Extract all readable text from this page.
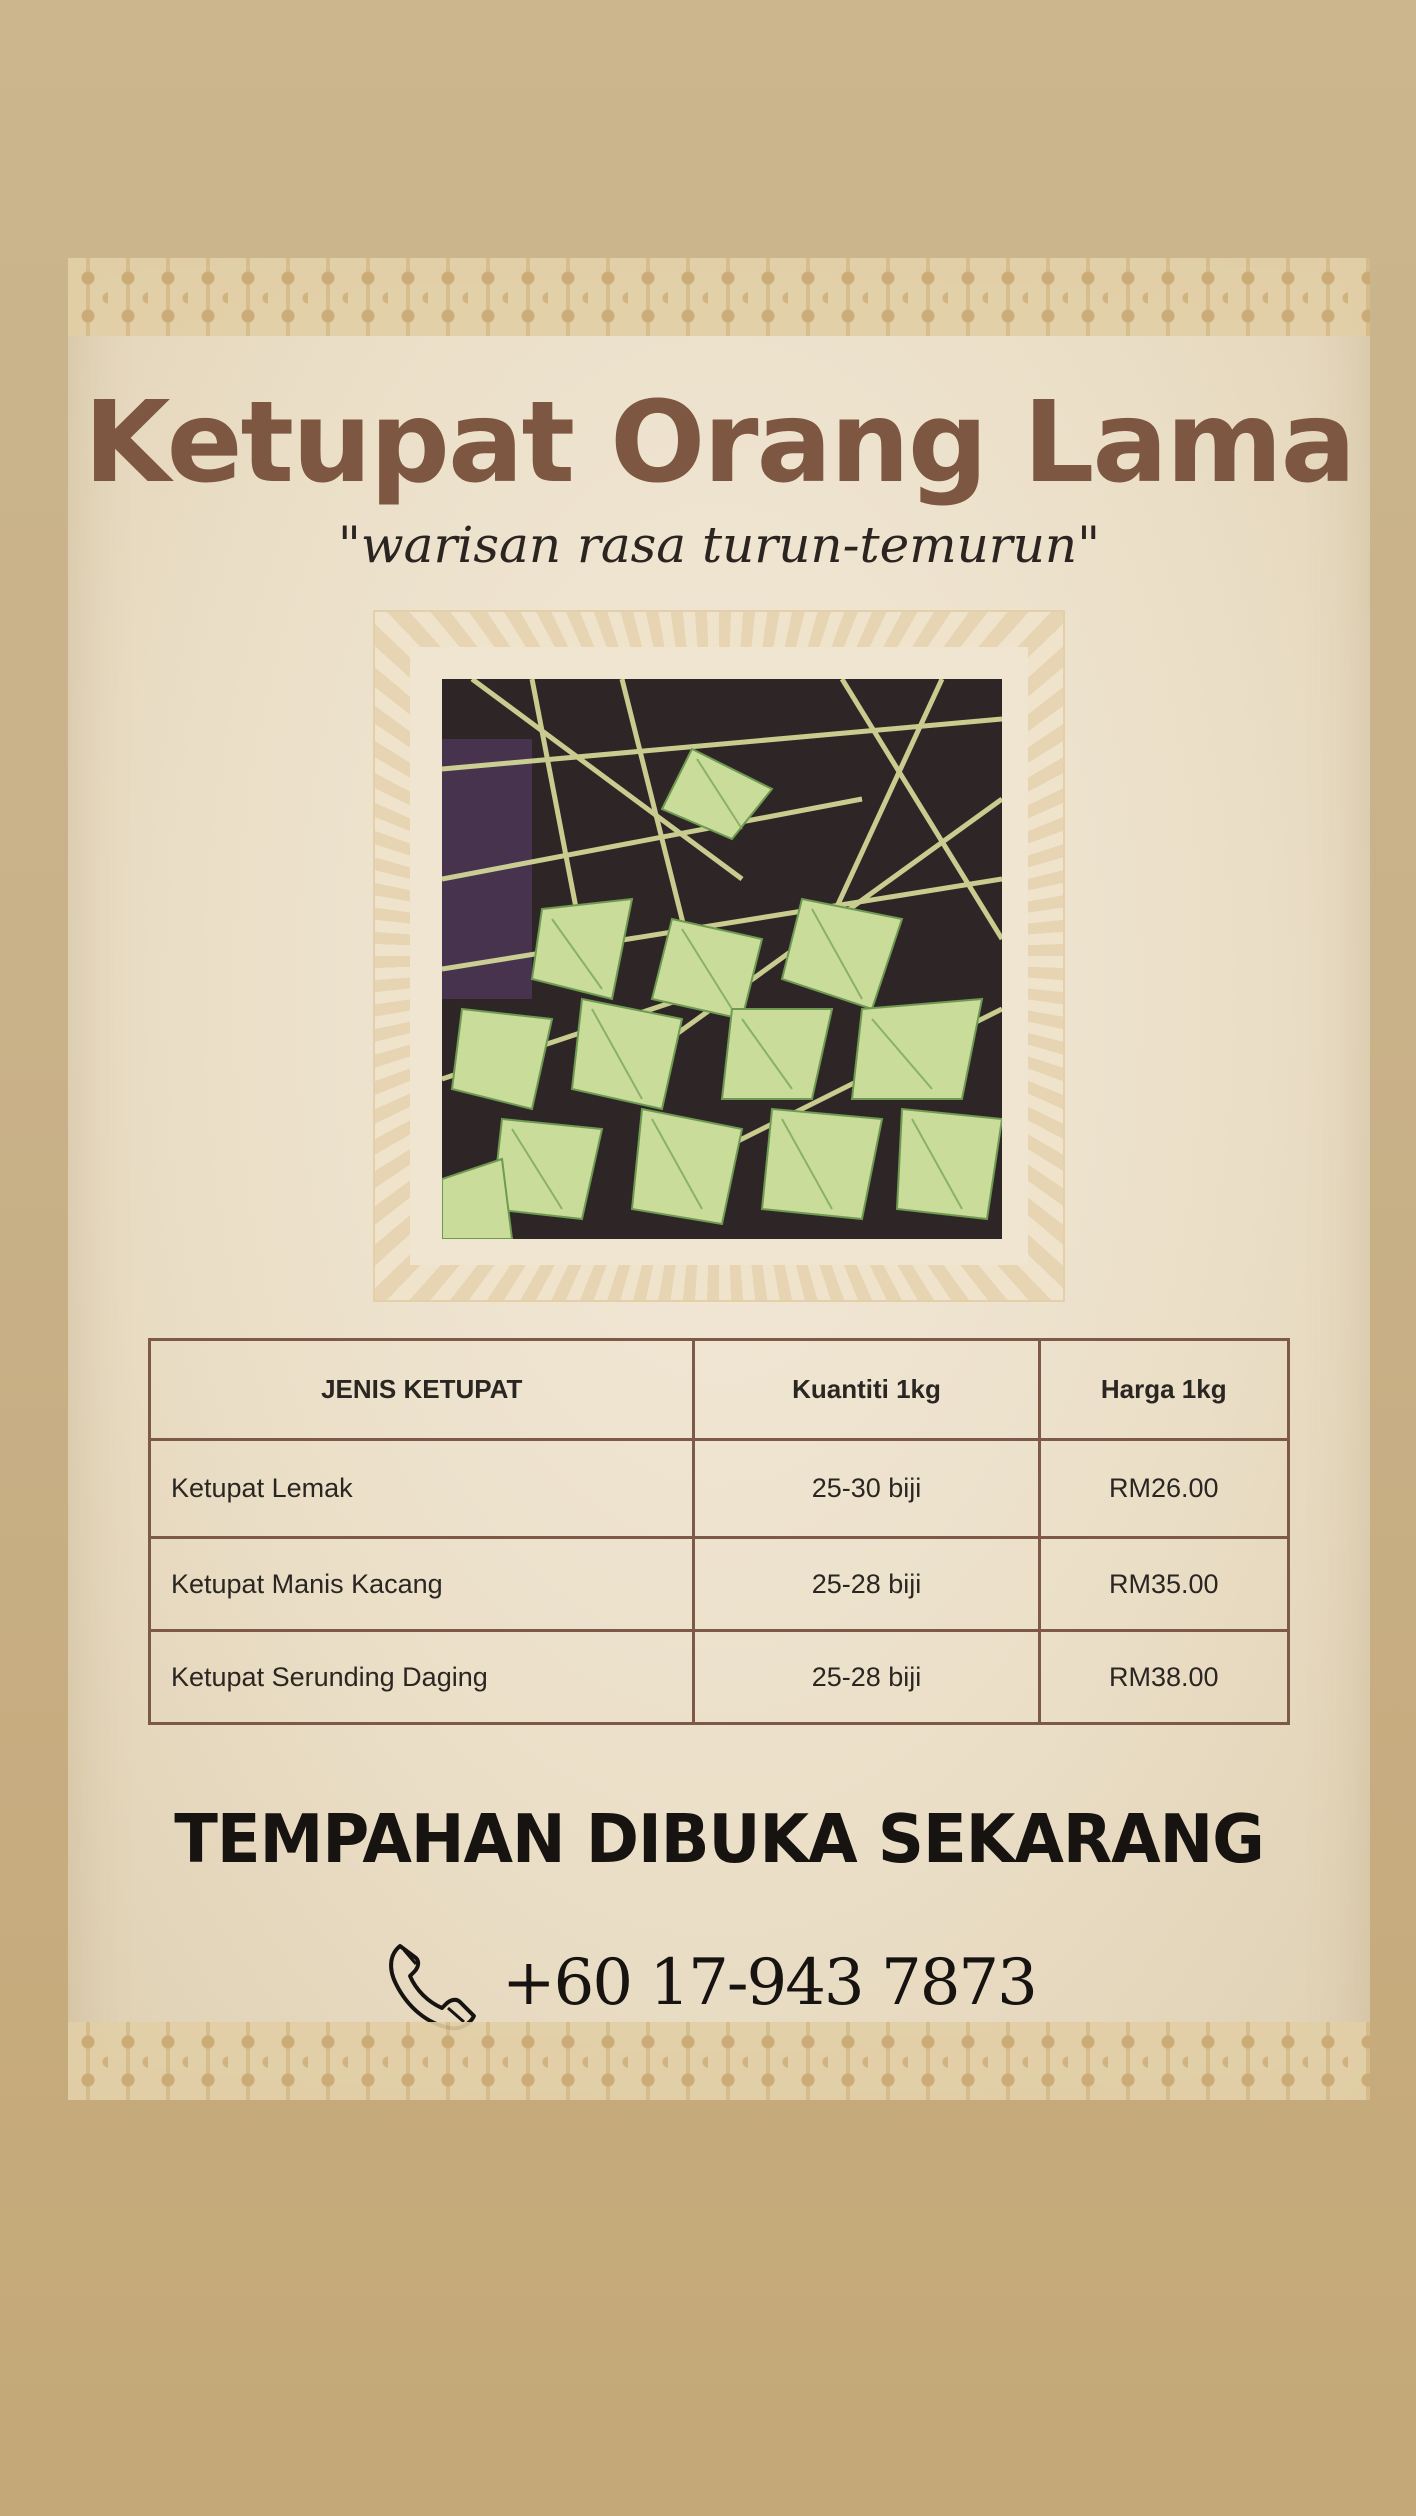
Ketupat Orang Lama
"warisan rasa turun-temurun"
JENIS KETUPAT	Kuantiti 1kg	Harga 1kg
Ketupat Lemak	25-30 biji	RM26.00
Ketupat Manis Kacang	25-28 biji	RM35.00
Ketupat Serunding Daging	25-28 biji	RM38.00
TEMPAHAN DIBUKA SEKARANG
+60 17-943 7873
